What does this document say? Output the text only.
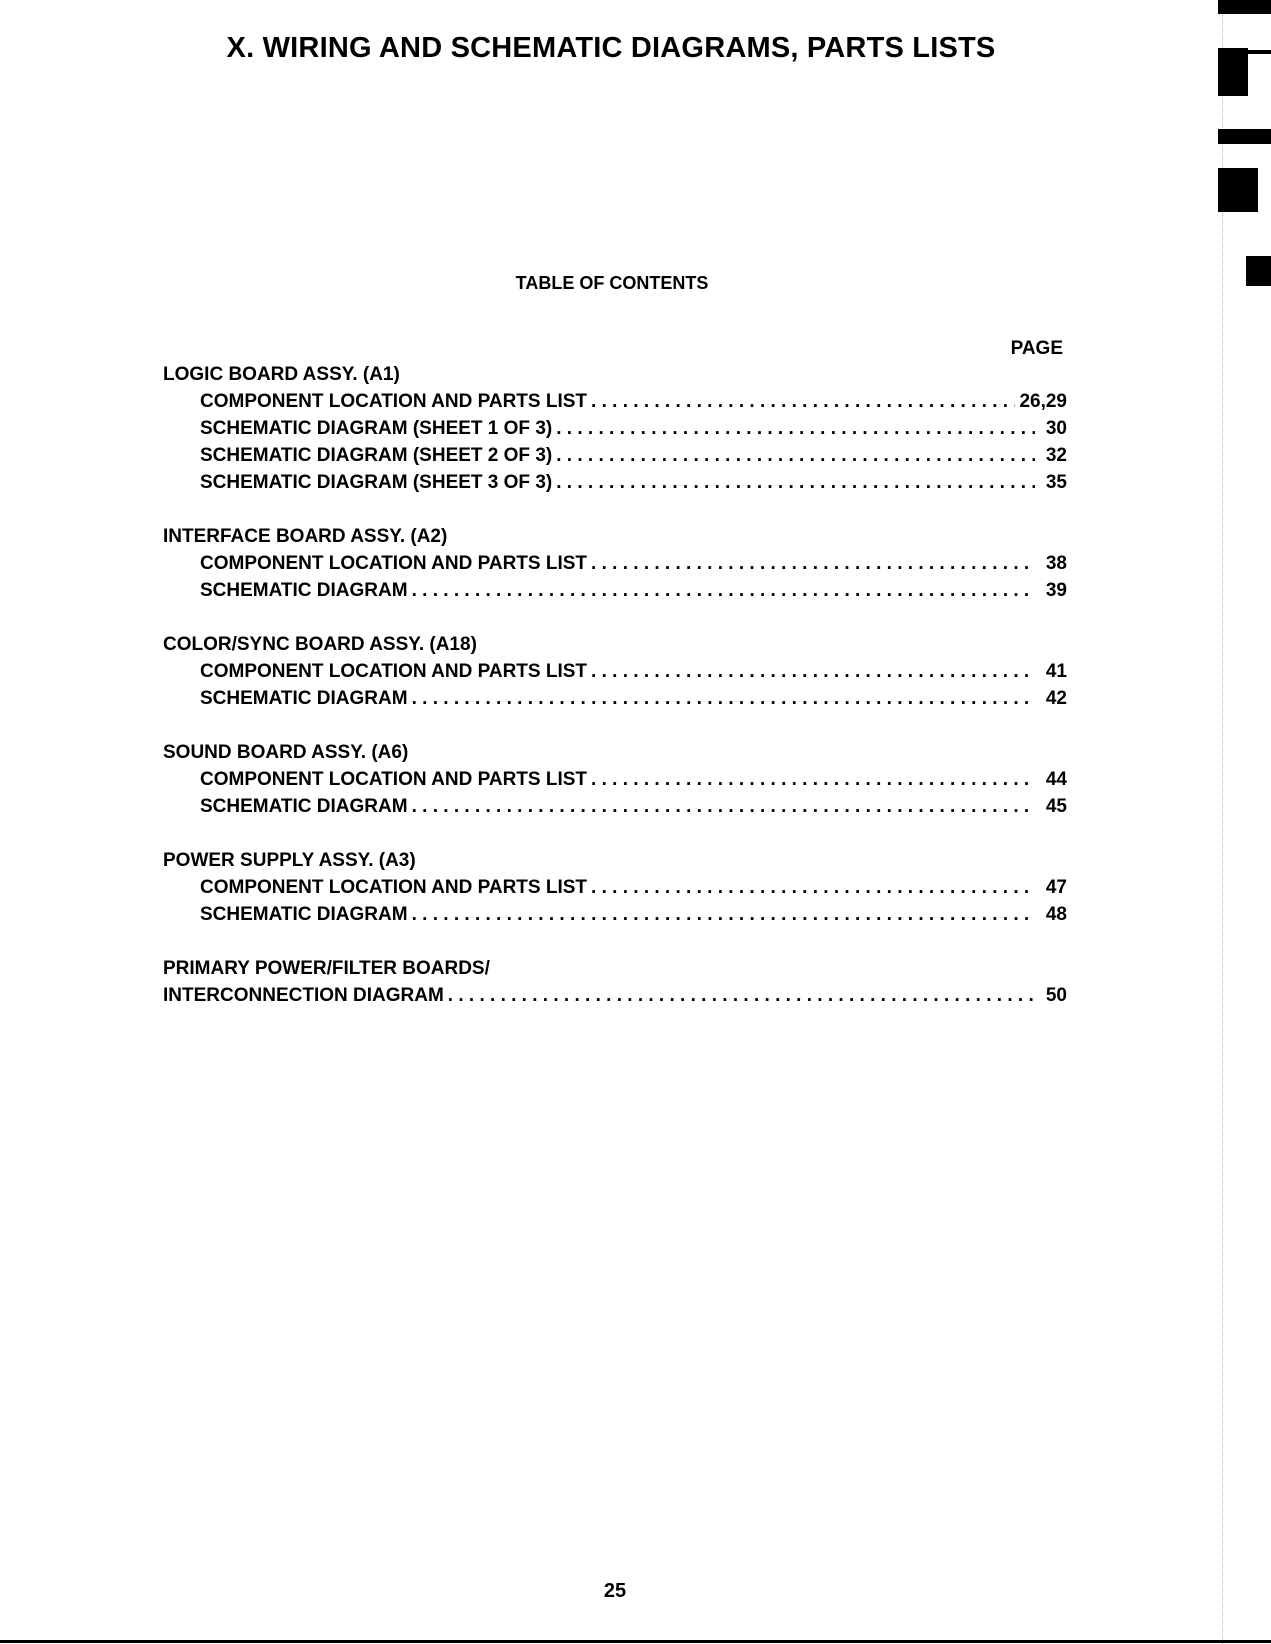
X. WIRING AND SCHEMATIC DIAGRAMS, PARTS LISTS
TABLE OF CONTENTS
PAGE
LOGIC BOARD ASSY. (A1)
COMPONENT LOCATION AND PARTS LIST . . .	26,29
SCHEMATIC DIAGRAM (SHEET 1 OF 3) . . .	30
SCHEMATIC DIAGRAM (SHEET 2 OF 3) . . .	32
SCHEMATIC DIAGRAM (SHEET 3 OF 3) . . .	35
INTERFACE BOARD ASSY. (A2)
COMPONENT LOCATION AND PARTS LIST . . .	38
SCHEMATIC DIAGRAM . . .	39
COLOR/SYNC BOARD ASSY. (A18)
COMPONENT LOCATION AND PARTS LIST . . .	41
SCHEMATIC DIAGRAM . . .	42
SOUND BOARD ASSY. (A6)
COMPONENT LOCATION AND PARTS LIST . . .	44
SCHEMATIC DIAGRAM . . .	45
POWER SUPPLY ASSY. (A3)
COMPONENT LOCATION AND PARTS LIST . . .	47
SCHEMATIC DIAGRAM . . .	48
PRIMARY POWER/FILTER BOARDS/
INTERCONNECTION DIAGRAM . . .	50
25
